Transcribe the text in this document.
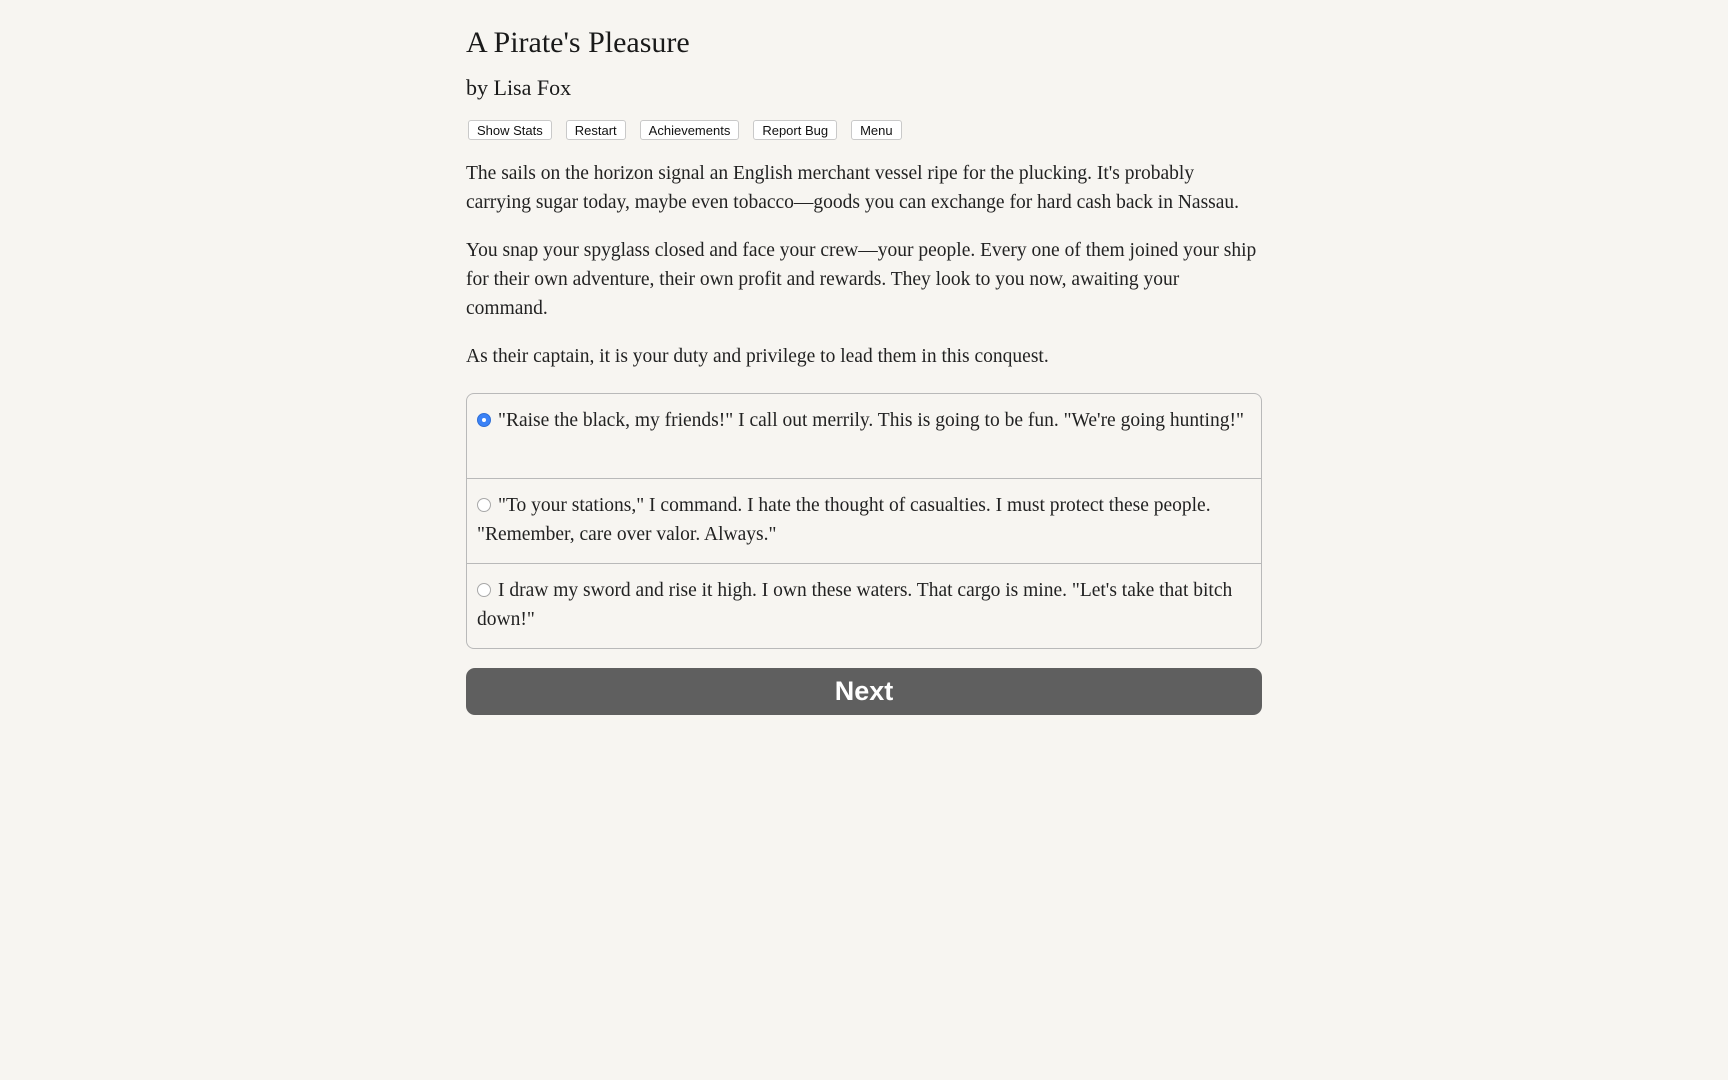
A Pirate's Pleasure
by Lisa Fox
Show Stats	Restart	Achievements	Report Bug	Menu

The sails on the horizon signal an English merchant vessel ripe for the plucking. It's probably carrying sugar today, maybe even tobacco—goods you can exchange for hard cash back in Nassau.

You snap your spyglass closed and face your crew—your people. Every one of them joined your ship for their own adventure, their own profit and rewards. They look to you now, awaiting your command.

As their captain, it is your duty and privilege to lead them in this conquest.

"Raise the black, my friends!" I call out merrily. This is going to be fun. "We're going hunting!"
"To your stations," I command. I hate the thought of casualties. I must protect these people. "Remember, care over valor. Always."
I draw my sword and rise it high. I own these waters. That cargo is mine. "Let's take that bitch down!"
Next
